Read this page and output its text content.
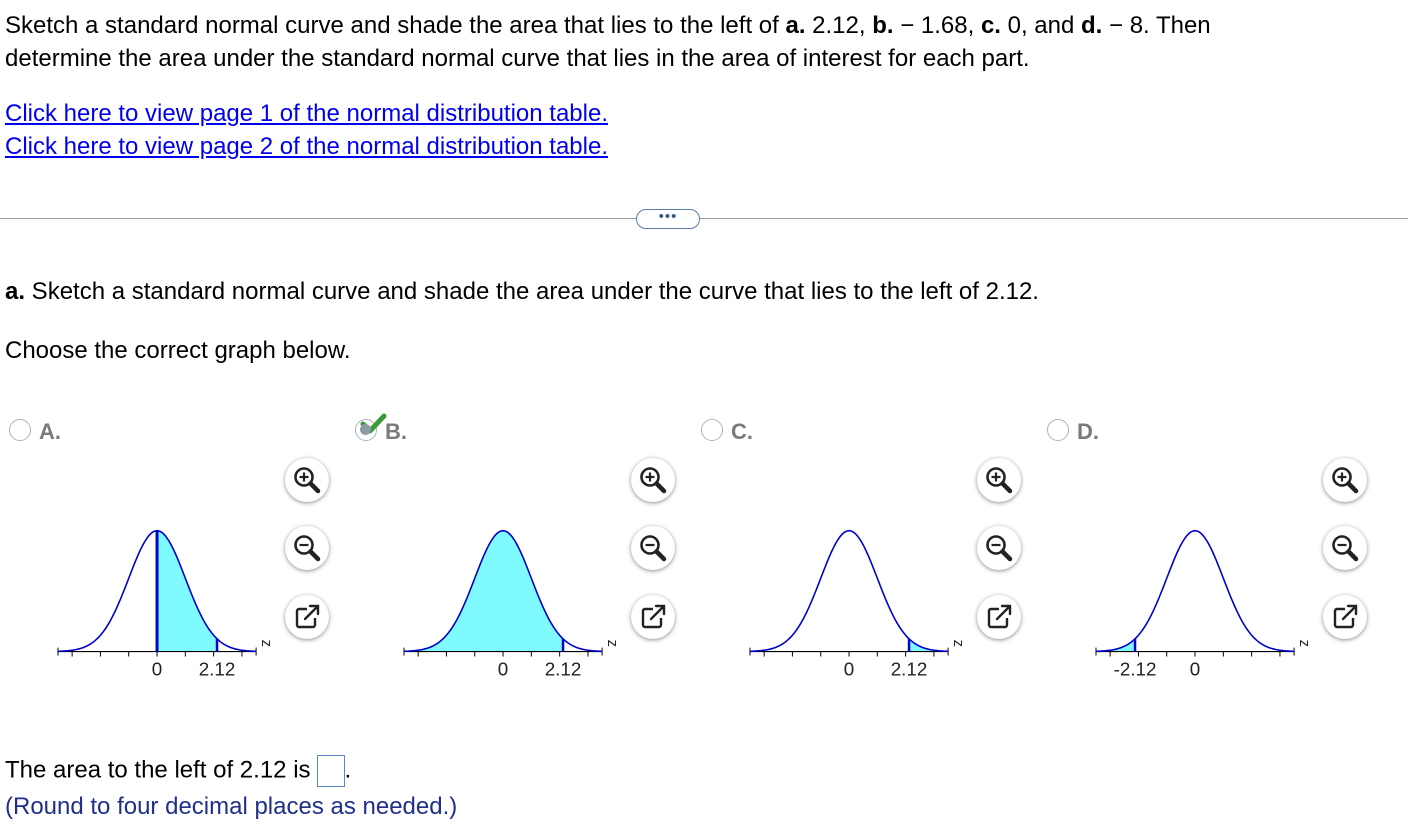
Sketch a standard normal curve and shade the area that lies to the left of a. 2.12, b. − 1.68, c. 0, and d. − 8. Then
determine the area under the standard normal curve that lies in the area of interest for each part.
Click here to view page 1 of the normal distribution table.
Click here to view page 2 of the normal distribution table.
•••
a. Sketch a standard normal curve and shade the area under the curve that lies to the left of 2.12.
Choose the correct graph below.
A.
0 2.12
z
B.
0 2.12
z
C.
0 2.12
z
D.
-2.12 0
z
The area to the left of 2.12 is .
(Round to four decimal places as needed.)
